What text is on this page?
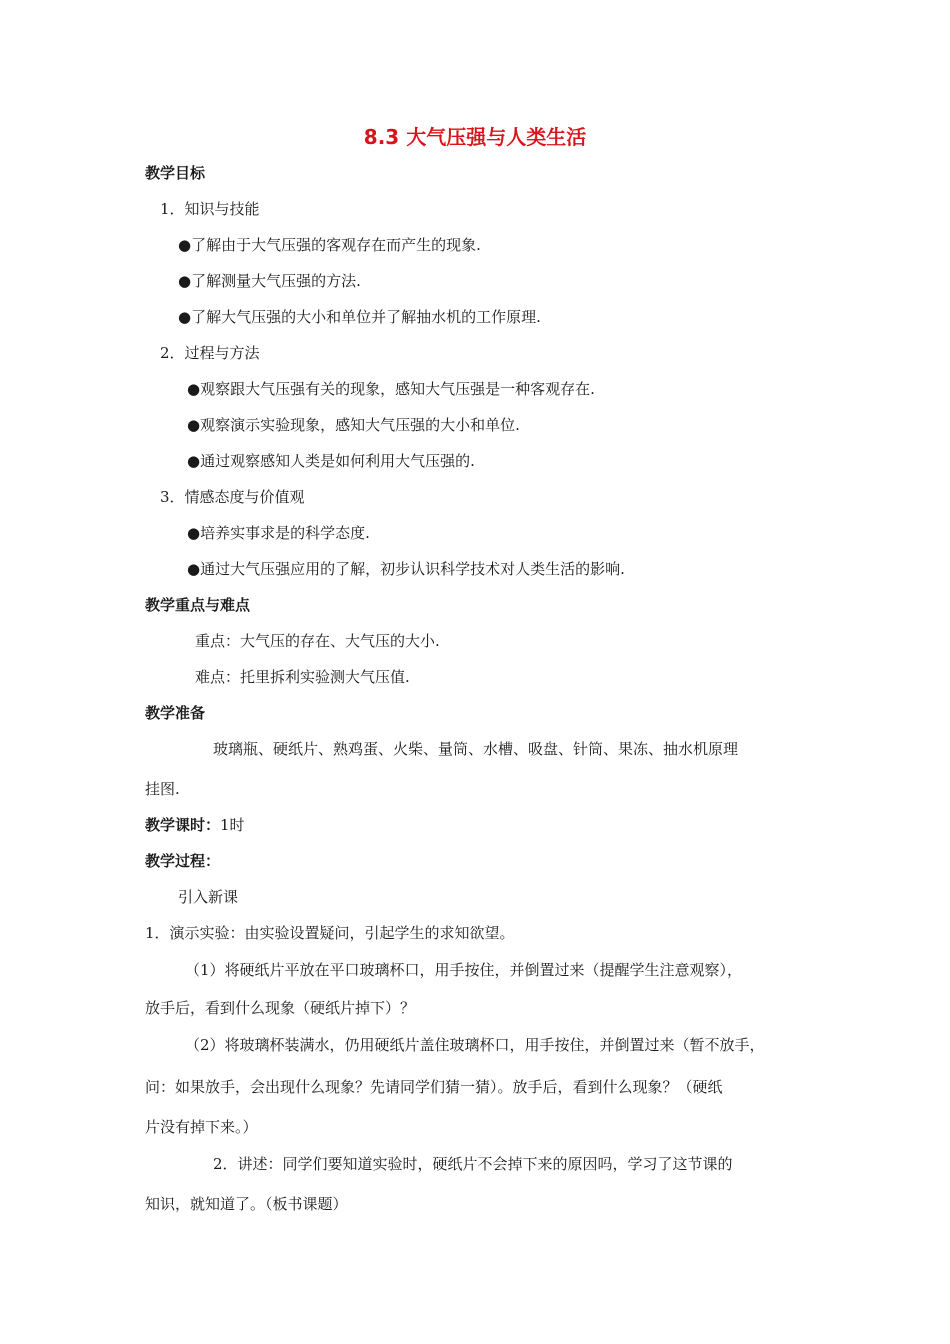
8.3 大气压强与人类生活
教学目标
1．知识与技能
●了解由于大气压强的客观存在而产生的现象.
●了解测量大气压强的方法.
●了解大气压强的大小和单位并了解抽水机的工作原理.
2．过程与方法
●观察跟大气压强有关的现象，感知大气压强是一种客观存在.
●观察演示实验现象，感知大气压强的大小和单位.
●通过观察感知人类是如何利用大气压强的.
3．情感态度与价值观
●培养实事求是的科学态度.
●通过大气压强应用的了解，初步认识科学技术对人类生活的影响.
教学重点与难点
重点：大气压的存在、大气压的大小.
难点：托里拆利实验测大气压值.
教学准备
玻璃瓶、硬纸片、熟鸡蛋、火柴、量筒、水槽、吸盘、针筒、果冻、抽水机原理
挂图.
教学课时：1时
教学过程：
引入新课
1．演示实验：由实验设置疑问，引起学生的求知欲望。
（1）将硬纸片平放在平口玻璃杯口，用手按住，并倒置过来（提醒学生注意观察），
放手后，看到什么现象（硬纸片掉下）？
（2）将玻璃杯装满水，仍用硬纸片盖住玻璃杯口，用手按住，并倒置过来（暂不放手，
问：如果放手，会出现什么现象？先请同学们猜一猜）。放手后，看到什么现象？（硬纸
片没有掉下来。）
2．讲述：同学们要知道实验时，硬纸片不会掉下来的原因吗，学习了这节课的
知识，就知道了。（板书课题）
